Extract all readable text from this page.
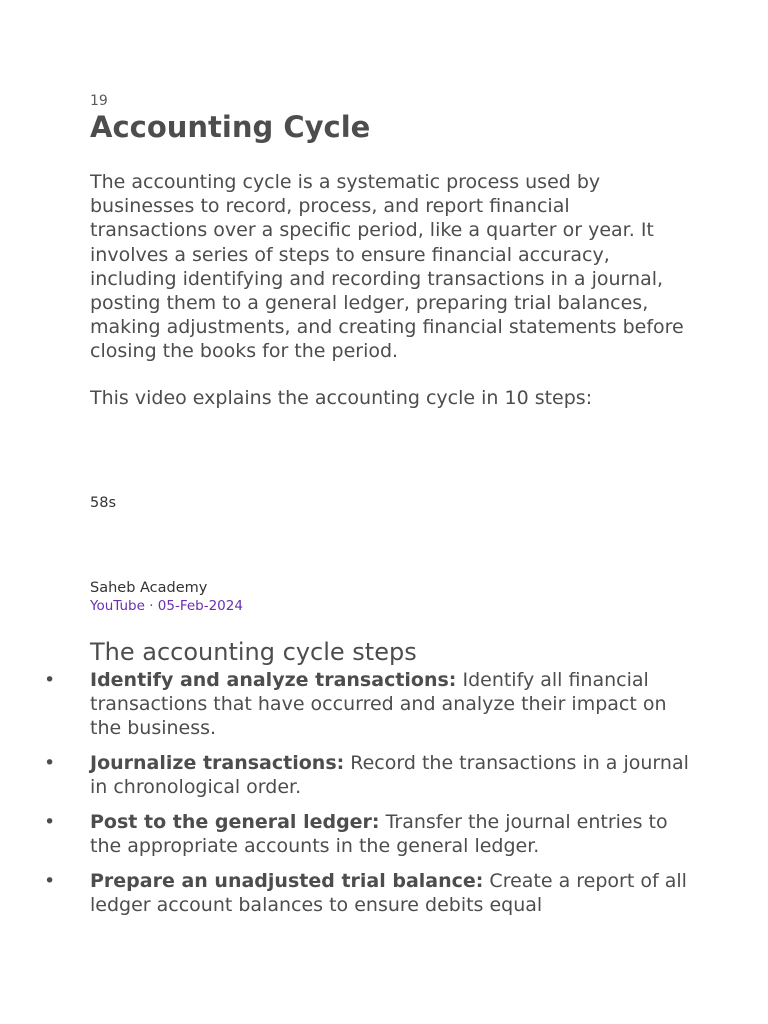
19
Accounting Cycle

The accounting cycle is a systematic process used by businesses to record, process, and report financial transactions over a specific period, like a quarter or year. It involves a series of steps to ensure financial accuracy, including identifying and recording transactions in a journal, posting them to a general ledger, preparing trial balances, making adjustments, and creating financial statements before closing the books for the period.

This video explains the accounting cycle in 10 steps:

58s
Saheb Academy
YouTube · 05-Feb-2024
The accounting cycle steps
• Identify and analyze transactions: Identify all financial transactions that have occurred and analyze their impact on the business.
• Journalize transactions: Record the transactions in a journal in chronological order.
• Post to the general ledger: Transfer the journal entries to the appropriate accounts in the general ledger.
• Prepare an unadjusted trial balance: Create a report of all ledger account balances to ensure debits equal
